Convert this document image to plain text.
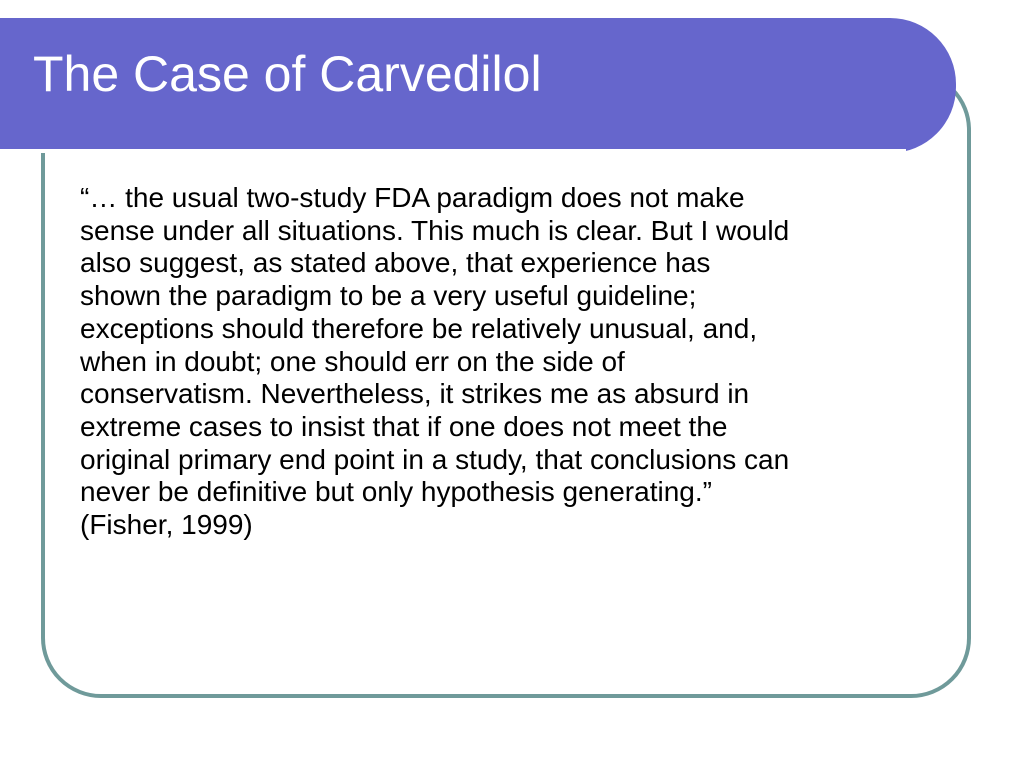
The Case of Carvedilol
“… the usual two-study FDA paradigm does not make
sense under all situations. This much is clear. But I would
also suggest, as stated above, that experience has
shown the paradigm to be a very useful guideline;
exceptions should therefore be relatively unusual, and,
when in doubt; one should err on the side of
conservatism. Nevertheless, it strikes me as absurd in
extreme cases to insist that if one does not meet the
original primary end point in a study, that conclusions can
never be definitive but only hypothesis generating.”
(Fisher, 1999)
